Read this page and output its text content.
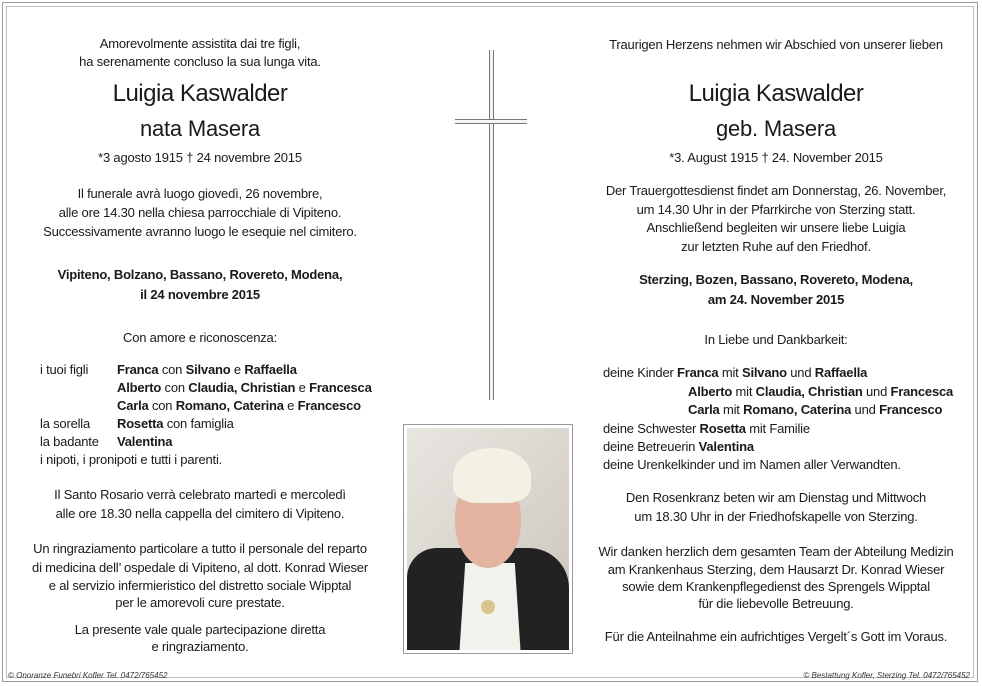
Amorevolmente assistita dai tre figli,
ha serenamente concluso la sua lunga vita.
Luigia Kaswalder
nata Masera
*3 agosto 1915 † 24 novembre 2015
Il funerale avrà luogo giovedì, 26 novembre,
alle ore 14.30 nella chiesa parrocchiale di Vipiteno.
Successivamente avranno luogo le esequie nel cimitero.
Vipiteno, Bolzano, Bassano, Rovereto, Modena,
il 24 novembre 2015
Con amore e riconoscenza:
Il Santo Rosario verrà celebrato martedì e mercoledì
alle ore 18.30 nella cappella del cimitero di Vipiteno.
Un ringraziamento particolare a tutto il personale del reparto
di medicina dell’ ospedale di Vipiteno, al dott. Konrad Wieser
e al servizio infermieristico del distretto sociale Wipptal
per le amorevoli cure prestate.
La presente vale quale partecipazione diretta
e ringraziamento.
i tuoi figli Franca con Silvano e Raffaella
Alberto con Claudia, Christian e Francesca
Carla con Romano, Caterina e Francesco
la sorella Rosetta con famiglia
la badante Valentina
i nipoti, i pronipoti e tutti i parenti.
Traurigen Herzens nehmen wir Abschied von unserer lieben
Luigia Kaswalder
geb. Masera
*3. August 1915 † 24. November 2015
Der Trauergottesdienst findet am Donnerstag, 26. November,
um 14.30 Uhr in der Pfarrkirche von Sterzing statt.
Anschließend begleiten wir unsere liebe Luigia
zur letzten Ruhe auf den Friedhof.
Sterzing, Bozen, Bassano, Rovereto, Modena,
am 24. November 2015
In Liebe und Dankbarkeit:
Den Rosenkranz beten wir am Dienstag und Mittwoch
um 18.30 Uhr in der Friedhofskapelle von Sterzing.
Wir danken herzlich dem gesamten Team der Abteilung Medizin
am Krankenhaus Sterzing, dem Hausarzt Dr. Konrad Wieser
sowie dem Krankenpflegedienst des Sprengels Wipptal
für die liebevolle Betreuung.
Für die Anteilnahme ein aufrichtiges Vergelt´s Gott im Voraus.
deine Kinder Franca mit Silvano und Raffaella
Alberto mit Claudia, Christian und Francesca
Carla mit Romano, Caterina und Francesco
deine Schwester Rosetta mit Familie
deine Betreuerin Valentina
deine Urenkelkinder und im Namen aller Verwandten.
© Onoranze Funebri Kofler Tel. 0472/765452	© Bestattung Kofler, Sterzing Tel. 0472/765452
